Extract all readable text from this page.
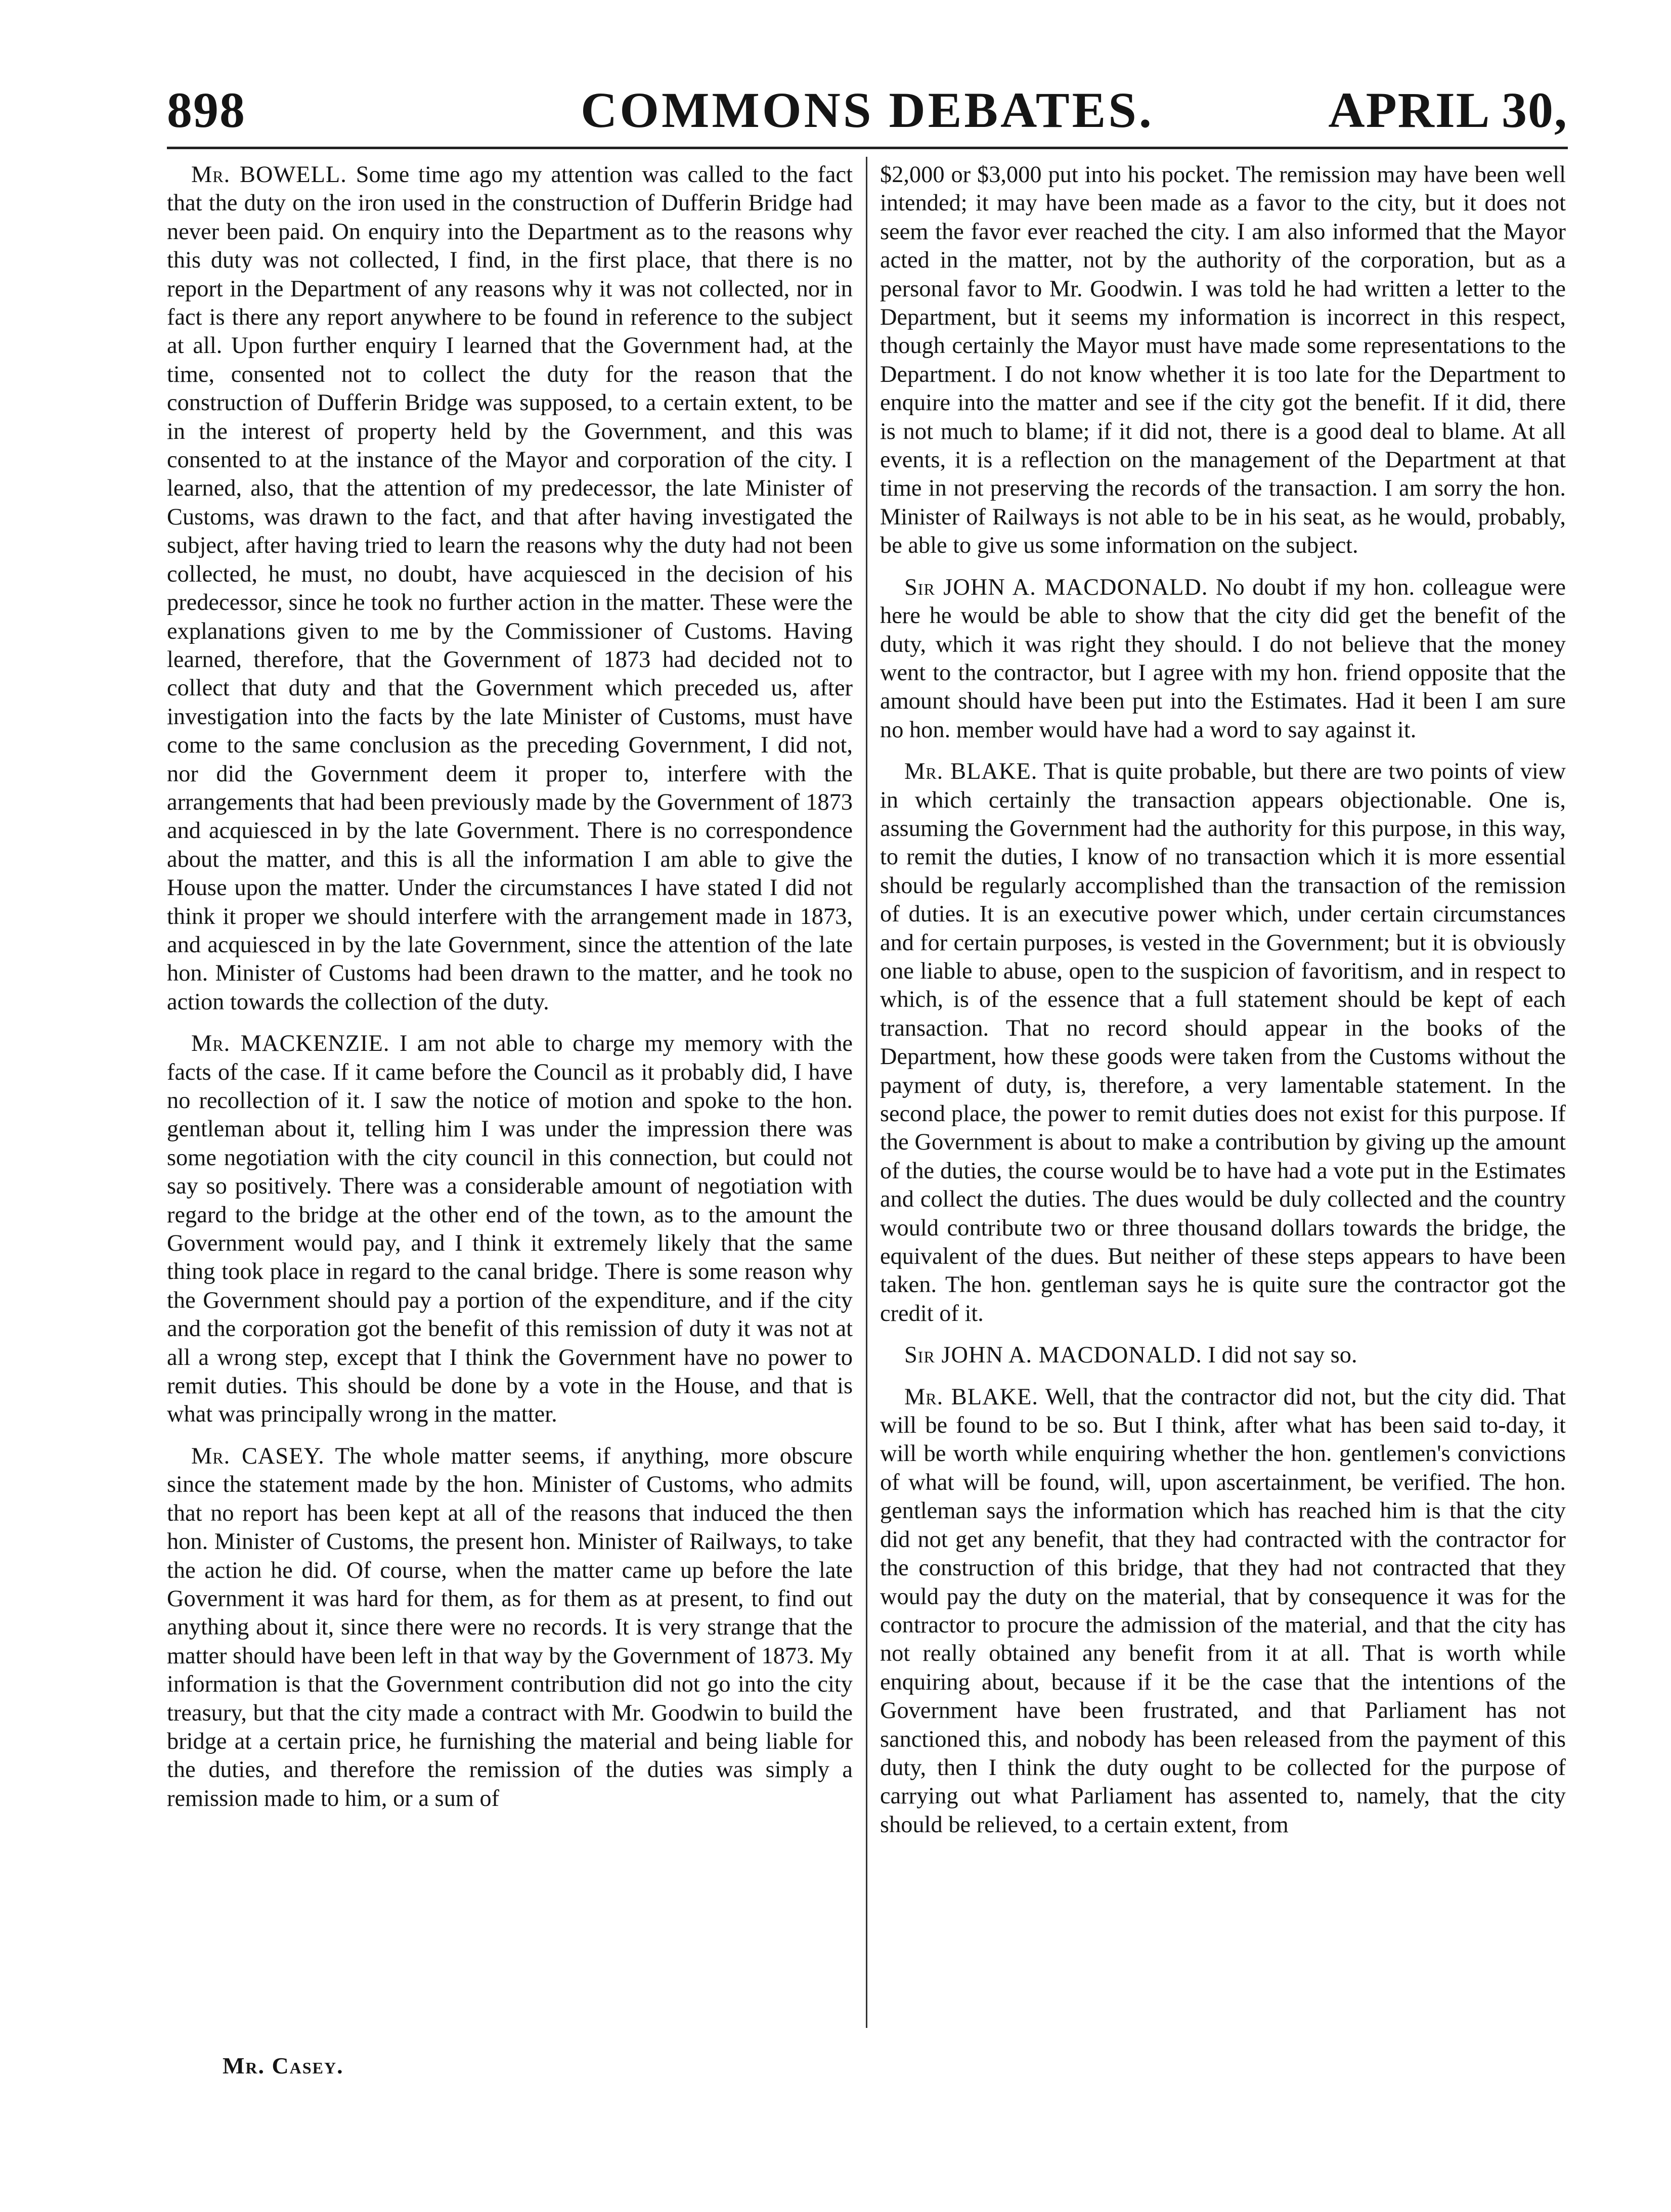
898	COMMONS DEBATES.	APRIL 30,

Mr. BOWELL. Some time ago my attention was called to the fact that the duty on the iron used in the construction of Dufferin Bridge had never been paid. On enquiry into the Department as to the reasons why this duty was not collected, I find, in the first place, that there is no report in the Department of any reasons why it was not collected, nor in fact is there any report anywhere to be found in reference to the subject at all. Upon further enquiry I learned that the Government had, at the time, consented not to collect the duty for the reason that the construction of Dufferin Bridge was supposed, to a certain extent, to be in the interest of property held by the Government, and this was consented to at the instance of the Mayor and corporation of the city. I learned, also, that the attention of my predecessor, the late Minister of Customs, was drawn to the fact, and that after having investigated the subject, after having tried to learn the reasons why the duty had not been collected, he must, no doubt, have acquiesced in the decision of his predecessor, since he took no further action in the matter. These were the explanations given to me by the Commissioner of Customs. Having learned, therefore, that the Government of 1873 had decided not to collect that duty and that the Government which preceded us, after investigation into the facts by the late Minister of Customs, must have come to the same conclusion as the preceding Government, I did not, nor did the Government deem it proper to, interfere with the arrangements that had been previously made by the Government of 1873 and acquiesced in by the late Government. There is no correspondence about the matter, and this is all the information I am able to give the House upon the matter. Under the circumstances I have stated I did not think it proper we should interfere with the arrangement made in 1873, and acquiesced in by the late Government, since the attention of the late hon. Minister of Customs had been drawn to the matter, and he took no action towards the collection of the duty.

Mr. MACKENZIE. I am not able to charge my memory with the facts of the case. If it came before the Council as it probably did, I have no recollection of it. I saw the notice of motion and spoke to the hon. gentleman about it, telling him I was under the impression there was some negotiation with the city council in this connection, but could not say so positively. There was a considerable amount of negotiation with regard to the bridge at the other end of the town, as to the amount the Government would pay, and I think it extremely likely that the same thing took place in regard to the canal bridge. There is some reason why the Government should pay a portion of the expenditure, and if the city and the corporation got the benefit of this remission of duty it was not at all a wrong step, except that I think the Government have no power to remit duties. This should be done by a vote in the House, and that is what was principally wrong in the matter.

Mr. CASEY. The whole matter seems, if anything, more obscure since the statement made by the hon. Minister of Customs, who admits that no report has been kept at all of the reasons that induced the then hon. Minister of Customs, the present hon. Minister of Railways, to take the action he did. Of course, when the matter came up before the late Government it was hard for them, as for them as at present, to find out anything about it, since there were no records. It is very strange that the matter should have been left in that way by the Government of 1873. My information is that the Government contribution did not go into the city treasury, but that the city made a contract with Mr. Goodwin to build the bridge at a certain price, he furnishing the material and being liable for the duties, and therefore the remission of the duties was simply a remission made to him, or a sum of

$2,000 or $3,000 put into his pocket. The remission may have been well intended; it may have been made as a favor to the city, but it does not seem the favor ever reached the city. I am also informed that the Mayor acted in the matter, not by the authority of the corporation, but as a personal favor to Mr. Goodwin. I was told he had written a letter to the Department, but it seems my information is incorrect in this respect, though certainly the Mayor must have made some representations to the Department. I do not know whether it is too late for the Department to enquire into the matter and see if the city got the benefit. If it did, there is not much to blame; if it did not, there is a good deal to blame. At all events, it is a reflection on the management of the Department at that time in not preserving the records of the transaction. I am sorry the hon. Minister of Railways is not able to be in his seat, as he would, probably, be able to give us some information on the subject.

Sir JOHN A. MACDONALD. No doubt if my hon. colleague were here he would be able to show that the city did get the benefit of the duty, which it was right they should. I do not believe that the money went to the contractor, but I agree with my hon. friend opposite that the amount should have been put into the Estimates. Had it been I am sure no hon. member would have had a word to say against it.

Mr. BLAKE. That is quite probable, but there are two points of view in which certainly the transaction appears objectionable. One is, assuming the Government had the authority for this purpose, in this way, to remit the duties, I know of no transaction which it is more essential should be regularly accomplished than the transaction of the remission of duties. It is an executive power which, under certain circumstances and for certain purposes, is vested in the Government; but it is obviously one liable to abuse, open to the suspicion of favoritism, and in respect to which, is of the essence that a full statement should be kept of each transaction. That no record should appear in the books of the Department, how these goods were taken from the Customs without the payment of duty, is, therefore, a very lamentable statement. In the second place, the power to remit duties does not exist for this purpose. If the Government is about to make a contribution by giving up the amount of the duties, the course would be to have had a vote put in the Estimates and collect the duties. The dues would be duly collected and the country would contribute two or three thousand dollars towards the bridge, the equivalent of the dues. But neither of these steps appears to have been taken. The hon. gentleman says he is quite sure the contractor got the credit of it.

Sir JOHN A. MACDONALD. I did not say so.

Mr. BLAKE. Well, that the contractor did not, but the city did. That will be found to be so. But I think, after what has been said to-day, it will be worth while enquiring whether the hon. gentlemen's convictions of what will be found, will, upon ascertainment, be verified. The hon. gentleman says the information which has reached him is that the city did not get any benefit, that they had contracted with the contractor for the construction of this bridge, that they had not contracted that they would pay the duty on the material, that by consequence it was for the contractor to procure the admission of the material, and that the city has not really obtained any benefit from it at all. That is worth while enquiring about, because if it be the case that the intentions of the Government have been frustrated, and that Parliament has not sanctioned this, and nobody has been released from the payment of this duty, then I think the duty ought to be collected for the purpose of carrying out what Parliament has assented to, namely, that the city should be relieved, to a certain extent, from

Mr. Casey.
